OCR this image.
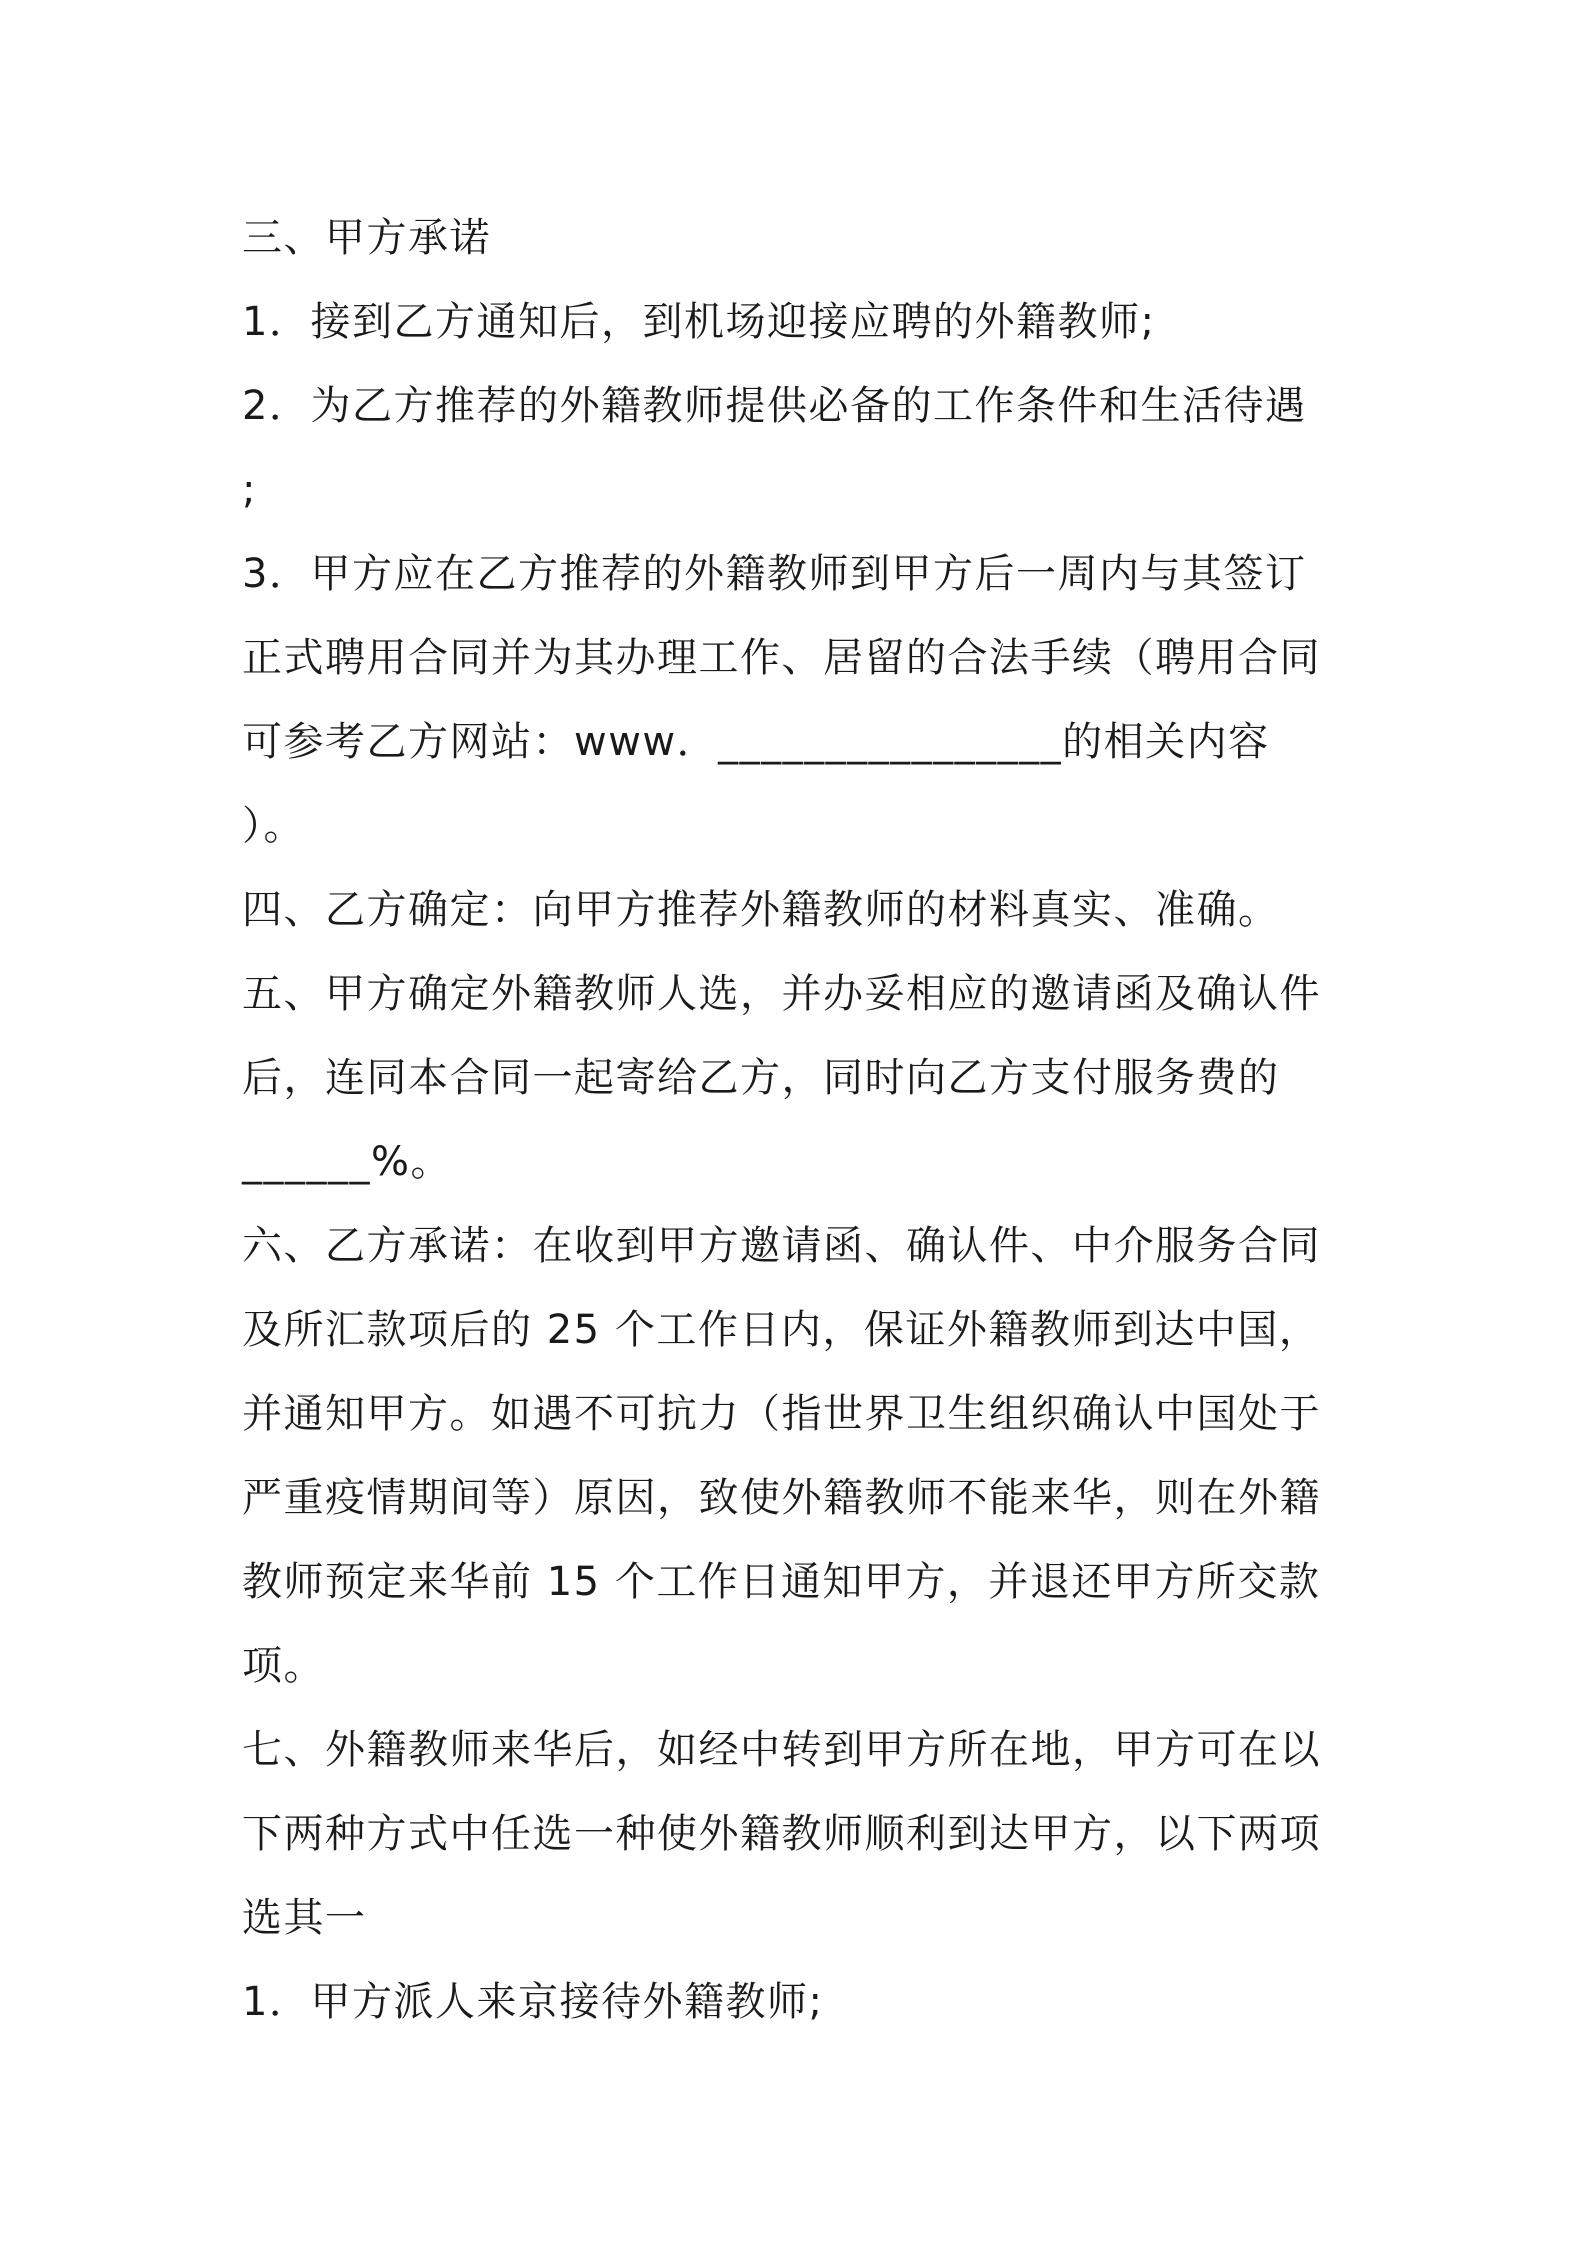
三、甲方承诺
1．接到乙方通知后，到机场迎接应聘的外籍教师;
2．为乙方推荐的外籍教师提供必备的工作条件和生活待遇
;
3．甲方应在乙方推荐的外籍教师到甲方后一周内与其签订
正式聘用合同并为其办理工作、居留的合法手续（聘用合同
可参考乙方网站：www．________________的相关内容
）。
四、乙方确定：向甲方推荐外籍教师的材料真实、准确。
五、甲方确定外籍教师人选，并办妥相应的邀请函及确认件
后，连同本合同一起寄给乙方，同时向乙方支付服务费的
______%。
六、乙方承诺：在收到甲方邀请函、确认件、中介服务合同
及所汇款项后的 25 个工作日内，保证外籍教师到达中国，
并通知甲方。如遇不可抗力（指世界卫生组织确认中国处于
严重疫情期间等）原因，致使外籍教师不能来华，则在外籍
教师预定来华前 15 个工作日通知甲方，并退还甲方所交款
项。
七、外籍教师来华后，如经中转到甲方所在地，甲方可在以
下两种方式中任选一种使外籍教师顺利到达甲方，以下两项
选其一
1．甲方派人来京接待外籍教师;
